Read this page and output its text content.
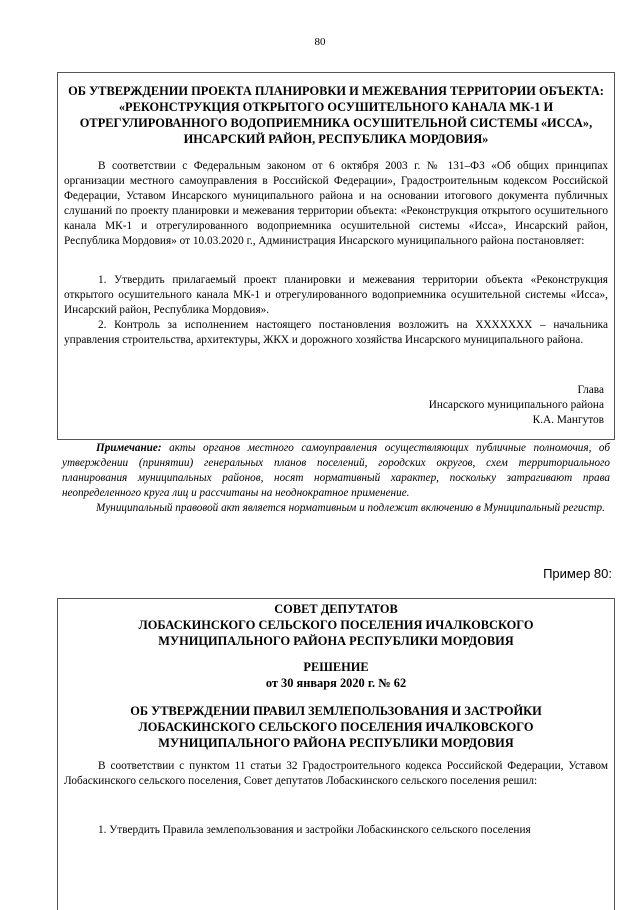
80

ОБ УТВЕРЖДЕНИИ ПРОЕКТА ПЛАНИРОВКИ И МЕЖЕВАНИЯ ТЕРРИТОРИИ ОБЪЕКТА: «РЕКОНСТРУКЦИЯ ОТКРЫТОГО ОСУШИТЕЛЬНОГО КАНАЛА МК-1 И ОТРЕГУЛИРОВАННОГО ВОДОПРИЕМНИКА ОСУШИТЕЛЬНОЙ СИСТЕМЫ «ИССА», ИНСАРСКИЙ РАЙОН, РЕСПУБЛИКА МОРДОВИЯ»

В соответствии с Федеральным законом от 6 октября 2003 г. № 131–ФЗ «Об общих принципах организации местного самоуправления в Российской Федерации», Градостроительным кодексом Российской Федерации, Уставом Инсарского муниципального района и на основании итогового документа публичных слушаний по проекту планировки и межевания территории объекта: «Реконструкция открытого осушительного канала МК-1 и отрегулированного водоприемника осушительной системы «Исса», Инсарский район, Республика Мордовия» от 10.03.2020 г., Администрация Инсарского муниципального района постановляет:

1. Утвердить прилагаемый проект планировки и межевания территории объекта «Реконструкция открытого осушительного канала МК-1 и отрегулированного водоприемника осушительной системы «Исса», Инсарский район, Республика Мордовия».

2. Контроль за исполнением настоящего постановления возложить на ХХХХХХХ – начальника управления строительства, архитектуры, ЖКХ и дорожного хозяйства Инсарского муниципального района.

Глава
Инсарского муниципального района
К.А. Мангутов

Примечание: акты органов местного самоуправления осуществляющих публичные полномочия, об утверждении (принятии) генеральных планов поселений, городских округов, схем территориального планирования муниципальных районов, носят нормативный характер, поскольку затрагивают права неопределенного круга лиц и рассчитаны на неоднократное применение.

Муниципальный правовой акт является нормативным и подлежит включению в Муниципальный регистр.

Пример 80:
СОВЕТ ДЕПУТАТОВ
ЛОБАСКИНСКОГО СЕЛЬСКОГО ПОСЕЛЕНИЯ ИЧАЛКОВСКОГО
МУНИЦИПАЛЬНОГО РАЙОНА РЕСПУБЛИКИ МОРДОВИЯ
РЕШЕНИЕ
от 30 января 2020 г. № 62
ОБ УТВЕРЖДЕНИИ ПРАВИЛ ЗЕМЛЕПОЛЬЗОВАНИЯ И ЗАСТРОЙКИ
ЛОБАСКИНСКОГО СЕЛЬСКОГО ПОСЕЛЕНИЯ ИЧАЛКОВСКОГО
МУНИЦИПАЛЬНОГО РАЙОНА РЕСПУБЛИКИ МОРДОВИЯ

В соответствии с пунктом 11 статьи 32 Градостроительного кодекса Российской Федерации, Уставом Лобаскинского сельского поселения, Совет депутатов Лобаскинского сельского поселения решил:

1. Утвердить Правила землепользования и застройки Лобаскинского сельского поселения
